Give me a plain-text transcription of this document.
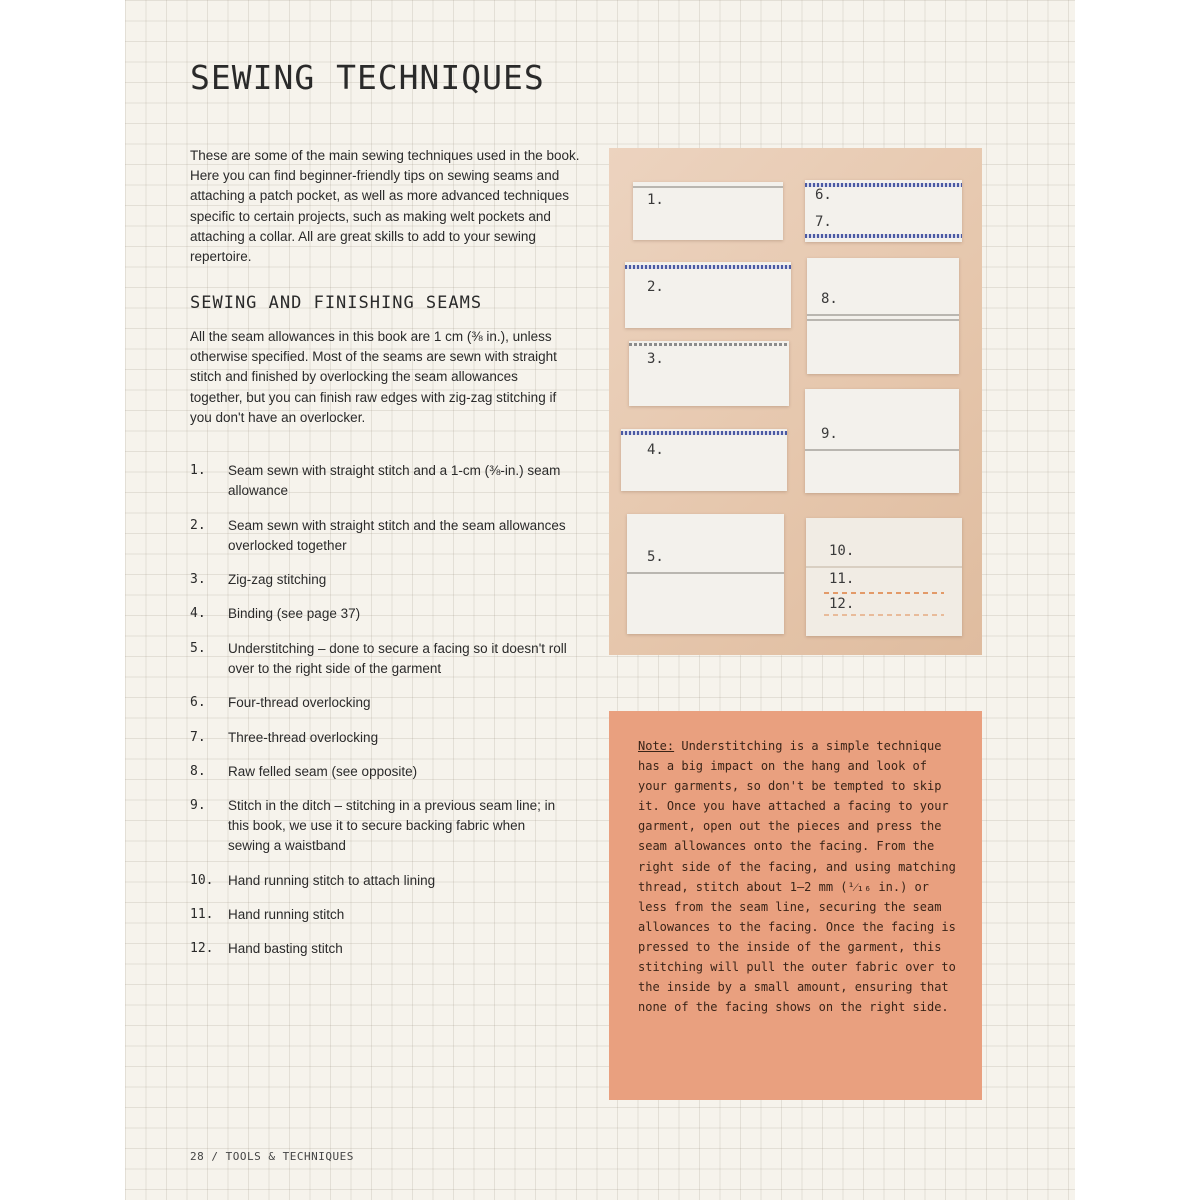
SEWING TECHNIQUES

These are some of the main sewing techniques used in the book. Here you can find beginner-friendly tips on sewing seams and attaching a patch pocket, as well as more advanced techniques specific to certain projects, such as making welt pockets and attaching a collar. All are great skills to add to your sewing repertoire.

SEWING AND FINISHING SEAMS

All the seam allowances in this book are 1 cm (⅜ in.), unless otherwise specified. Most of the seams are sewn with straight stitch and finished by overlocking the seam allowances together, but you can finish raw edges with zig-zag stitching if you don't have an overlocker.

1. Seam sewn with straight stitch and a 1-cm (⅜-in.) seam allowance
2. Seam sewn with straight stitch and the seam allowances overlocked together
3. Zig-zag stitching
4. Binding (see page 37)
5. Understitching – done to secure a facing so it doesn't roll over to the right side of the garment
6. Four-thread overlocking
7. Three-thread overlocking
8. Raw felled seam (see opposite)
9. Stitch in the ditch – stitching in a previous seam line; in this book, we use it to secure backing fabric when sewing a waistband
10. Hand running stitch to attach lining
11. Hand running stitch
12. Hand basting stitch
1.
2.
3.
4.
5.
6.
7.
8.
9.
10.
11.
12.

Note: Understitching is a simple technique has a big impact on the hang and look of your garments, so don't be tempted to skip it. Once you have attached a facing to your garment, open out the pieces and press the seam allowances onto the facing. From the right side of the facing, and using matching thread, stitch about 1–2 mm (¹⁄₁₆ in.) or less from the seam line, securing the seam allowances to the facing. Once the facing is pressed to the inside of the garment, this stitching will pull the outer fabric over to the inside by a small amount, ensuring that none of the facing shows on the right side.

28 / TOOLS & TECHNIQUES
